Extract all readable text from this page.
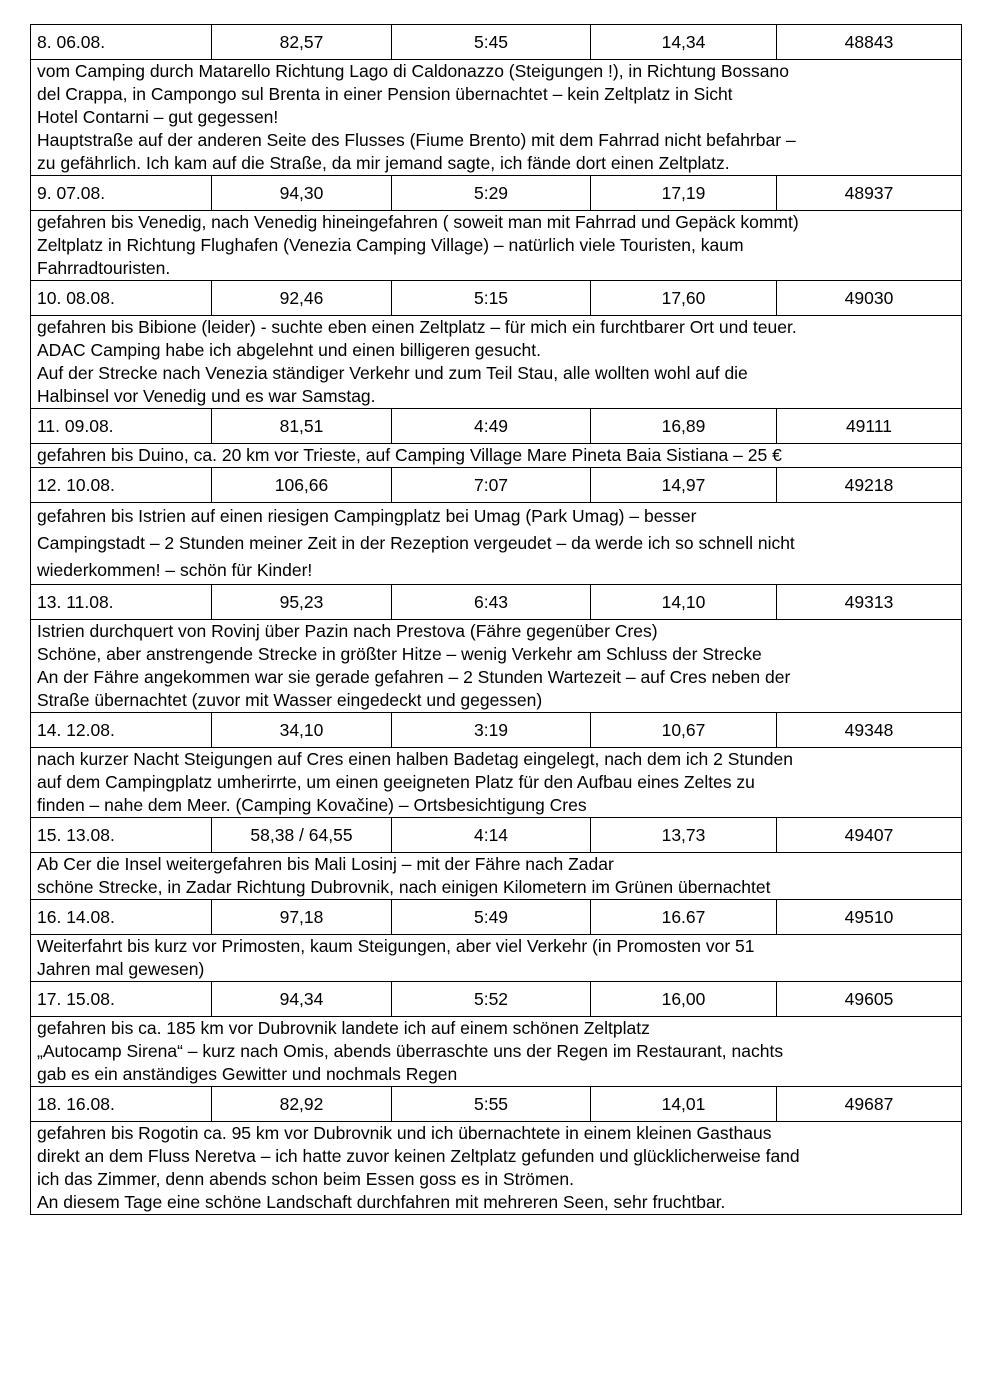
8. 06.08.	82,57	5:45	14,34	48843

vom Camping durch Matarello Richtung Lago di Caldonazzo (Steigungen !), in Richtung Bossano
del Crappa, in Campongo sul Brenta in einer Pension übernachtet – kein Zeltplatz in Sicht
Hotel Contarni – gut gegessen!
Hauptstraße auf der anderen Seite des Flusses (Fiume Brento) mit dem Fahrrad nicht befahrbar –
zu gefährlich. Ich kam auf die Straße, da mir jemand sagte, ich fände dort einen Zeltplatz.				

9. 07.08.	94,30	5:29	17,19	48937

gefahren bis Venedig, nach Venedig hineingefahren ( soweit man mit Fahrrad und Gepäck kommt)
Zeltplatz in Richtung Flughafen (Venezia Camping Village) – natürlich viele Touristen, kaum
Fahrradtouristen.				

10. 08.08.	92,46	5:15	17,60	49030

gefahren bis Bibione (leider) - suchte eben einen Zeltplatz – für mich ein furchtbarer Ort und teuer.
ADAC Camping habe ich abgelehnt und einen billigeren gesucht.
Auf der Strecke nach Venezia ständiger Verkehr und zum Teil Stau, alle wollten wohl auf die
Halbinsel vor Venedig und es war Samstag.				

11. 09.08.	81,51	4:49	16,89	49111

gefahren bis Duino, ca. 20 km vor Trieste, auf Camping Village Mare Pineta Baia Sistiana – 25 €				

12. 10.08.	106,66	7:07	14,97	49218

gefahren bis Istrien auf einen riesigen Campingplatz bei Umag (Park Umag) – besser
Campingstadt – 2 Stunden meiner Zeit in der Rezeption vergeudet – da werde ich so schnell nicht
wiederkommen! – schön für Kinder!				

13. 11.08.	95,23	6:43	14,10	49313

Istrien durchquert von Rovinj über Pazin nach Prestova (Fähre gegenüber Cres)
Schöne, aber anstrengende Strecke in größter Hitze – wenig Verkehr am Schluss der Strecke
An der Fähre angekommen war sie gerade gefahren – 2 Stunden Wartezeit – auf Cres neben der
Straße übernachtet (zuvor mit Wasser eingedeckt und gegessen)				

14. 12.08.	34,10	3:19	10,67	49348

nach kurzer Nacht Steigungen auf Cres einen halben Badetag eingelegt, nach dem ich 2 Stunden
auf dem Campingplatz umherirrte, um einen geeigneten Platz für den Aufbau eines Zeltes zu
finden – nahe dem Meer. (Camping Kovačine) – Ortsbesichtigung Cres				

15. 13.08.	58,38 / 64,55	4:14	13,73	49407

Ab Cer die Insel weitergefahren bis Mali Losinj – mit der Fähre nach Zadar
schöne Strecke, in Zadar Richtung Dubrovnik, nach einigen Kilometern im Grünen übernachtet				

16. 14.08.	97,18	5:49	16.67	49510

Weiterfahrt bis kurz vor Primosten, kaum Steigungen, aber viel Verkehr (in Promosten vor 51
Jahren mal gewesen)				

17. 15.08.	94,34	5:52	16,00	49605

gefahren bis ca. 185 km vor Dubrovnik landete ich auf einem schönen Zeltplatz
„Autocamp Sirena“ – kurz nach Omis, abends überraschte uns der Regen im Restaurant, nachts
gab es ein anständiges Gewitter und nochmals Regen				

18. 16.08.	82,92	5:55	14,01	49687

gefahren bis Rogotin ca. 95 km vor Dubrovnik und ich übernachtete in einem kleinen Gasthaus
direkt an dem Fluss Neretva – ich hatte zuvor keinen Zeltplatz gefunden und glücklicherweise fand
ich das Zimmer, denn abends schon beim Essen goss es in Strömen.
An diesem Tage eine schöne Landschaft durchfahren mit mehreren Seen, sehr fruchtbar.				
